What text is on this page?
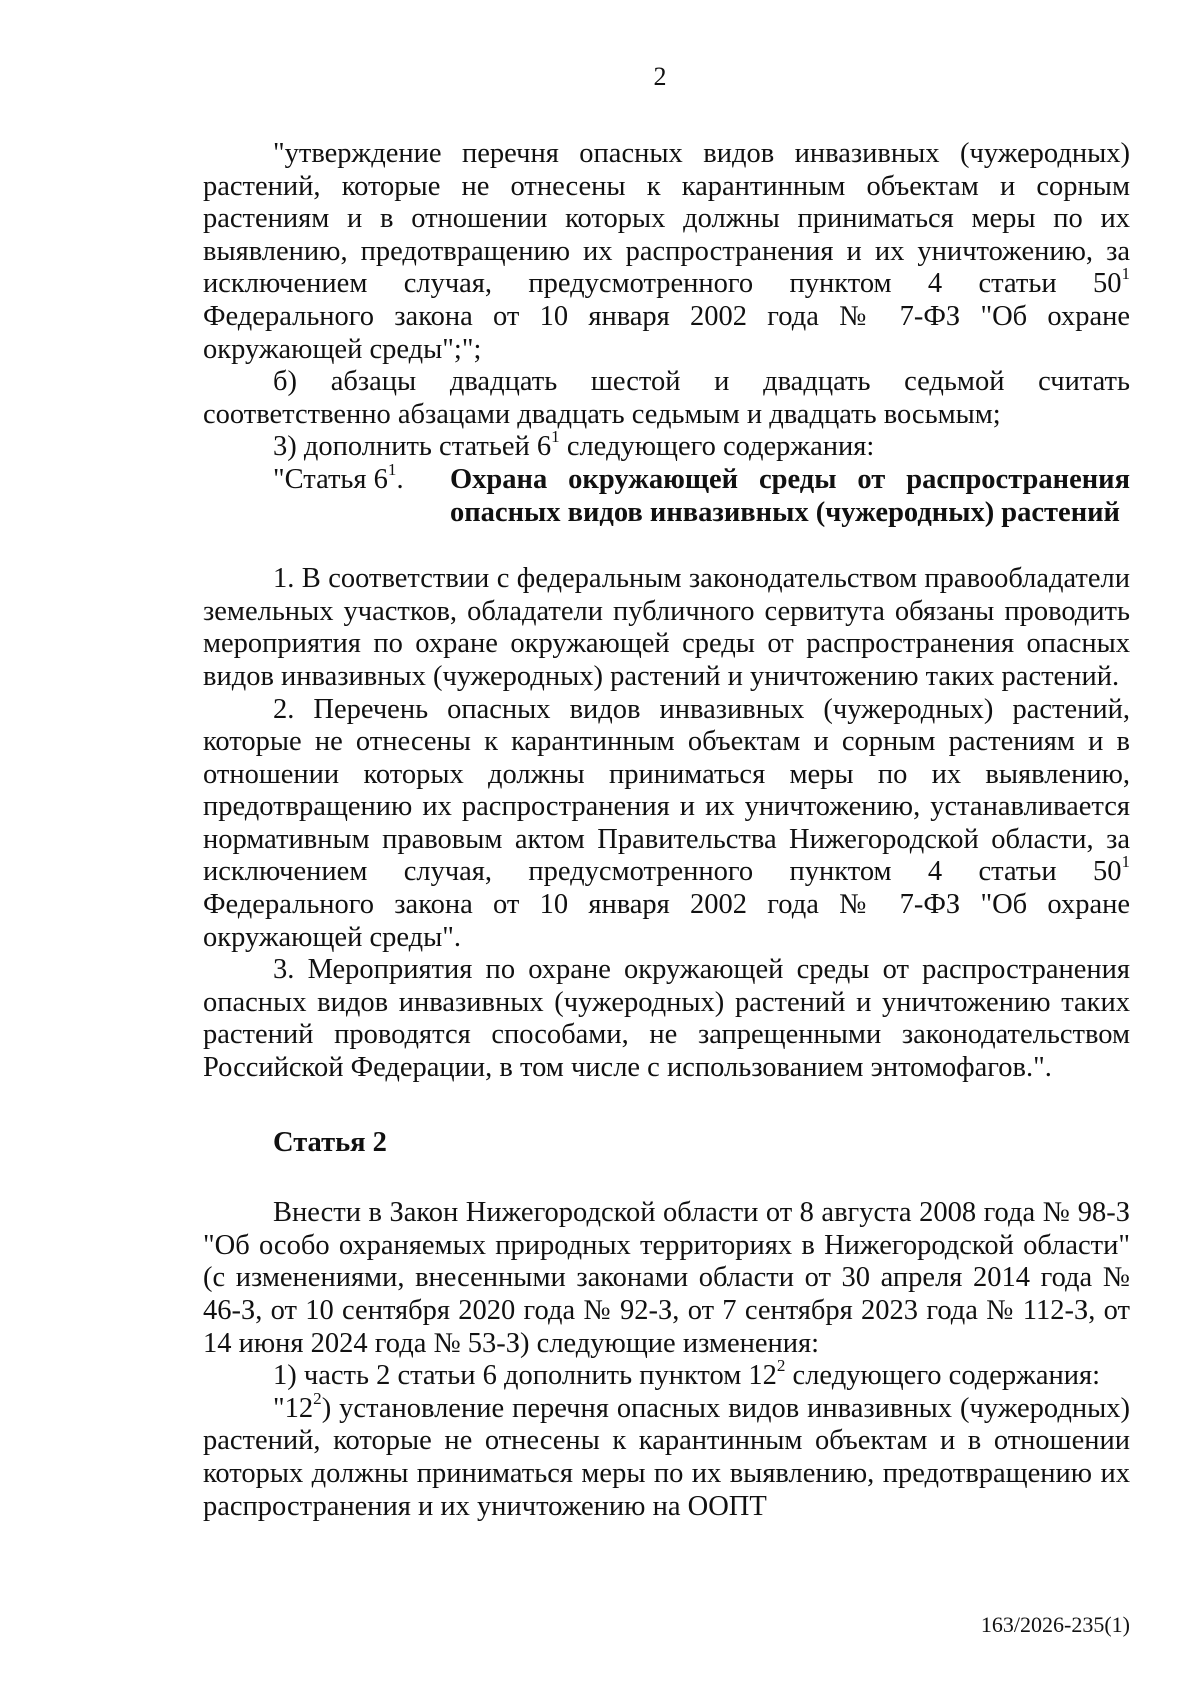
2

"утверждение перечня опасных видов инвазивных (чужеродных) растений, которые не отнесены к карантинным объектам и сорным растениям и в отношении которых должны приниматься меры по их выявлению, предотвращению их распространения и их уничтожению, за исключением случая, предусмотренного пунктом 4 статьи $50^1$ Федерального закона от 10 января 2002 года № 7-ФЗ "Об охране окружающей среды";";

б) абзацы двадцать шестой и двадцать седьмой считать соответственно абзацами двадцать седьмым и двадцать восьмым;

3) дополнить статьей $6^1$ следующего содержания:

"Статья $6^1$.	Охрана окружающей среды от распространения опасных видов инвазивных (чужеродных) растений

1. В соответствии с федеральным законодательством правообладатели земельных участков, обладатели публичного сервитута обязаны проводить мероприятия по охране окружающей среды от распространения опасных видов инвазивных (чужеродных) растений и уничтожению таких растений.

2. Перечень опасных видов инвазивных (чужеродных) растений, которые не отнесены к карантинным объектам и сорным растениям и в отношении которых должны приниматься меры по их выявлению, предотвращению их распространения и их уничтожению, устанавливается нормативным правовым актом Правительства Нижегородской области, за исключением случая, предусмотренного пунктом 4 статьи $50^1$ Федерального закона от 10 января 2002 года № 7-ФЗ "Об охране окружающей среды".

3. Мероприятия по охране окружающей среды от распространения опасных видов инвазивных (чужеродных) растений и уничтожению таких растений проводятся способами, не запрещенными законодательством Российской Федерации, в том числе с использованием энтомофагов.".

Статья 2

Внести в Закон Нижегородской области от 8 августа 2008 года № 98-З "Об особо охраняемых природных территориях в Нижегородской области" (с изменениями, внесенными законами области от 30 апреля 2014 года № 46-З, от 10 сентября 2020 года № 92-З, от 7 сентября 2023 года № 112-З, от 14 июня 2024 года № 53-З) следующие изменения:

1) часть 2 статьи 6 дополнить пунктом $12^2$ следующего содержания:

"$12^2$) установление перечня опасных видов инвазивных (чужеродных) растений, которые не отнесены к карантинным объектам и в отношении которых должны приниматься меры по их выявлению, предотвращению их распространения и их уничтожению на ООПТ

163/2026-235(1)
